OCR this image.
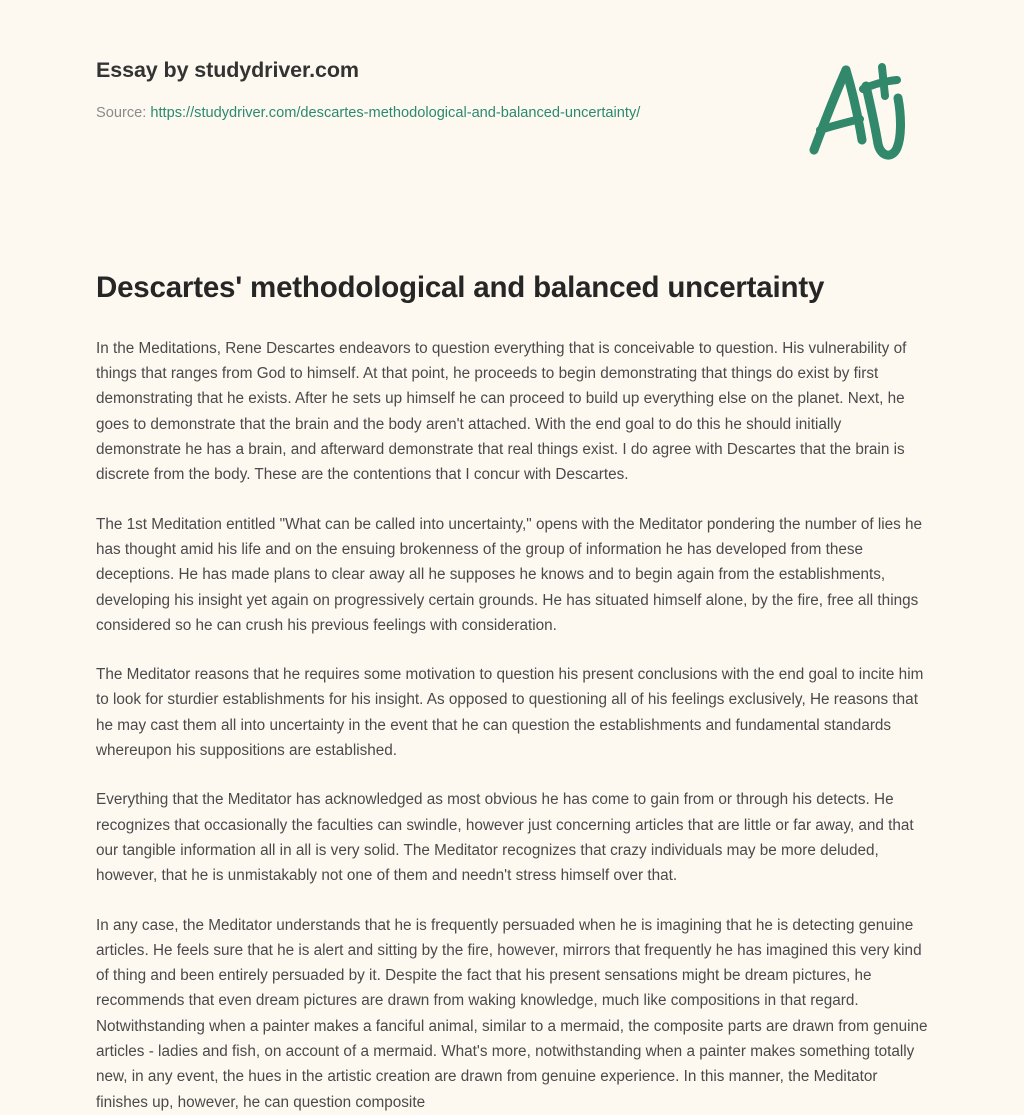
Essay by studydriver.com
Source: https://studydriver.com/descartes-methodological-and-balanced-uncertainty/
Descartes' methodological and balanced uncertainty

In the Meditations, Rene Descartes endeavors to question everything that is conceivable to question. His vulnerability of things that ranges from God to himself. At that point, he proceeds to begin demonstrating that things do exist by first demonstrating that he exists. After he sets up himself he can proceed to build up everything else on the planet. Next, he goes to demonstrate that the brain and the body aren't attached. With the end goal to do this he should initially demonstrate he has a brain, and afterward demonstrate that real things exist. I do agree with Descartes that the brain is discrete from the body. These are the contentions that I concur with Descartes.

The 1st Meditation entitled "What can be called into uncertainty," opens with the Meditator pondering the number of lies he has thought amid his life and on the ensuing brokenness of the group of information he has developed from these deceptions. He has made plans to clear away all he supposes he knows and to begin again from the establishments, developing his insight yet again on progressively certain grounds. He has situated himself alone, by the fire, free all things considered so he can crush his previous feelings with consideration.

The Meditator reasons that he requires some motivation to question his present conclusions with the end goal to incite him to look for sturdier establishments for his insight. As opposed to questioning all of his feelings exclusively, He reasons that he may cast them all into uncertainty in the event that he can question the establishments and fundamental standards whereupon his suppositions are established.

Everything that the Meditator has acknowledged as most obvious he has come to gain from or through his detects. He recognizes that occasionally the faculties can swindle, however just concerning articles that are little or far away, and that our tangible information all in all is very solid. The Meditator recognizes that crazy individuals may be more deluded, however, that he is unmistakably not one of them and needn't stress himself over that.

In any case, the Meditator understands that he is frequently persuaded when he is imagining that he is detecting genuine articles. He feels sure that he is alert and sitting by the fire, however, mirrors that frequently he has imagined this very kind of thing and been entirely persuaded by it. Despite the fact that his present sensations might be dream pictures, he recommends that even dream pictures are drawn from waking knowledge, much like compositions in that regard. Notwithstanding when a painter makes a fanciful animal, similar to a mermaid, the composite parts are drawn from genuine articles - ladies and fish, on account of a mermaid. What's more, notwithstanding when a painter makes something totally new, in any event, the hues in the artistic creation are drawn from genuine experience. In this manner, the Meditator finishes up, however, he can question composite
